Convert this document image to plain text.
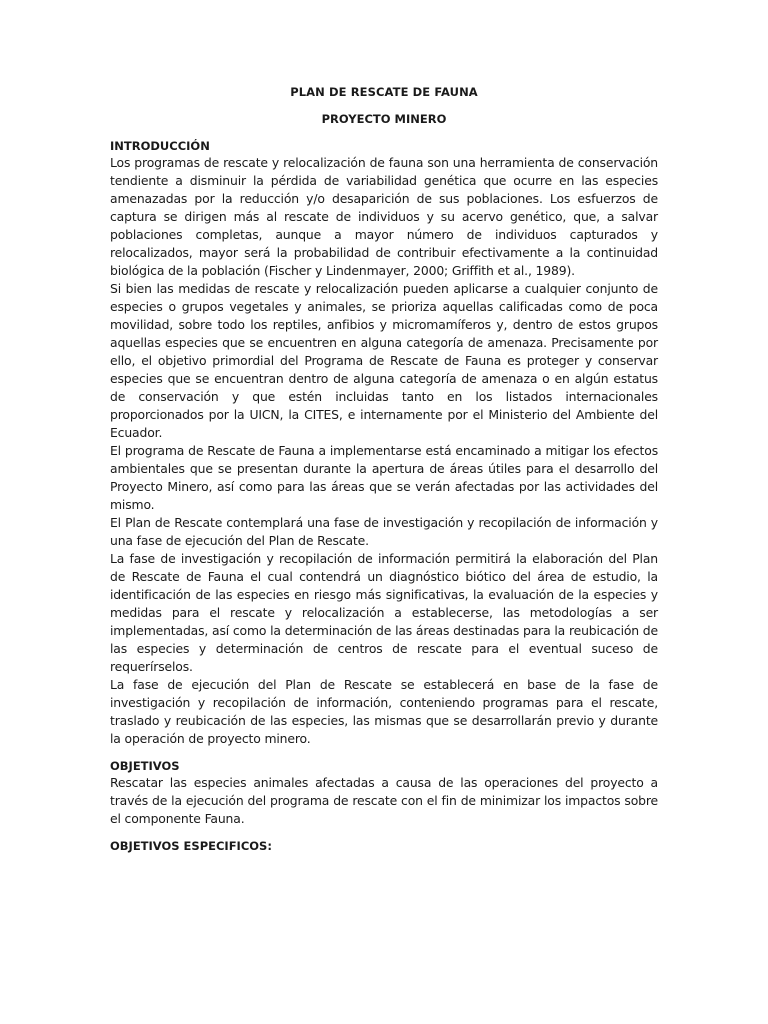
PLAN DE RESCATE DE FAUNA

PROYECTO MINERO

INTRODUCCIÓN

Los programas de rescate y relocalización de fauna son una herramienta de conservación tendiente a disminuir la pérdida de variabilidad genética que ocurre en las especies amenazadas por la reducción y/o desaparición de sus poblaciones. Los esfuerzos de captura se dirigen más al rescate de individuos y su acervo genético, que, a salvar poblaciones completas, aunque a mayor número de individuos capturados y relocalizados, mayor será la probabilidad de contribuir efectivamente a la continuidad biológica de la población (Fischer y Lindenmayer, 2000; Griffith et al., 1989).

Si bien las medidas de rescate y relocalización pueden aplicarse a cualquier conjunto de especies o grupos vegetales y animales, se prioriza aquellas calificadas como de poca movilidad, sobre todo los reptiles, anfibios y micromamíferos y, dentro de estos grupos aquellas especies que se encuentren en alguna categoría de amenaza. Precisamente por ello, el objetivo primordial del Programa de Rescate de Fauna es proteger y conservar especies que se encuentran dentro de alguna categoría de amenaza o en algún estatus de conservación y que estén incluidas tanto en los listados internacionales proporcionados por la UICN, la CITES, e internamente por el Ministerio del Ambiente del Ecuador.

El programa de Rescate de Fauna a implementarse está encaminado a mitigar los efectos ambientales que se presentan durante la apertura de áreas útiles para el desarrollo del Proyecto Minero, así como para las áreas que se verán afectadas por las actividades del mismo.

El Plan de Rescate contemplará una fase de investigación y recopilación de información y una fase de ejecución del Plan de Rescate.

La fase de investigación y recopilación de información permitirá la elaboración del Plan de Rescate de Fauna el cual contendrá un diagnóstico biótico del área de estudio, la identificación de las especies en riesgo más significativas, la evaluación de la especies y medidas para el rescate y relocalización a establecerse, las metodologías a ser implementadas, así como la determinación de las áreas destinadas para la reubicación de las especies y determinación de centros de rescate para el eventual suceso de requerírselos.

La fase de ejecución del Plan de Rescate se establecerá en base de la fase de investigación y recopilación de información, conteniendo programas para el rescate, traslado y reubicación de las especies, las mismas que se desarrollarán previo y durante la operación de proyecto minero.

OBJETIVOS

Rescatar las especies animales afectadas a causa de las operaciones del proyecto a través de la ejecución del programa de rescate con el fin de minimizar los impactos sobre el componente Fauna.

OBJETIVOS ESPECIFICOS:
